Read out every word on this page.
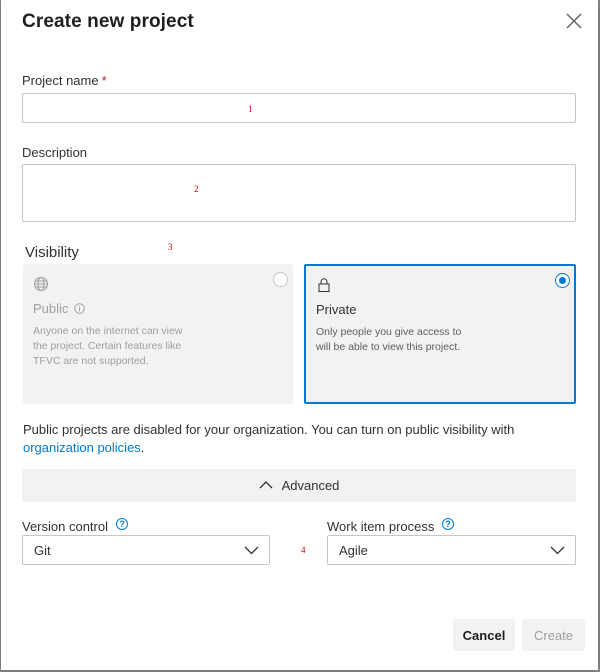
Create new project
Project name *
1
Description
2
Visibility	3
Public
Anyone on the internet can view the project. Certain features like TFVC are not supported.
Private
Only people you give access to will be able to view this project.
Public projects are disabled for your organization. You can turn on public visibility with organization policies.
Advanced
Version control	?
Git	4
Work item process	?
Agile
Cancel	Create
